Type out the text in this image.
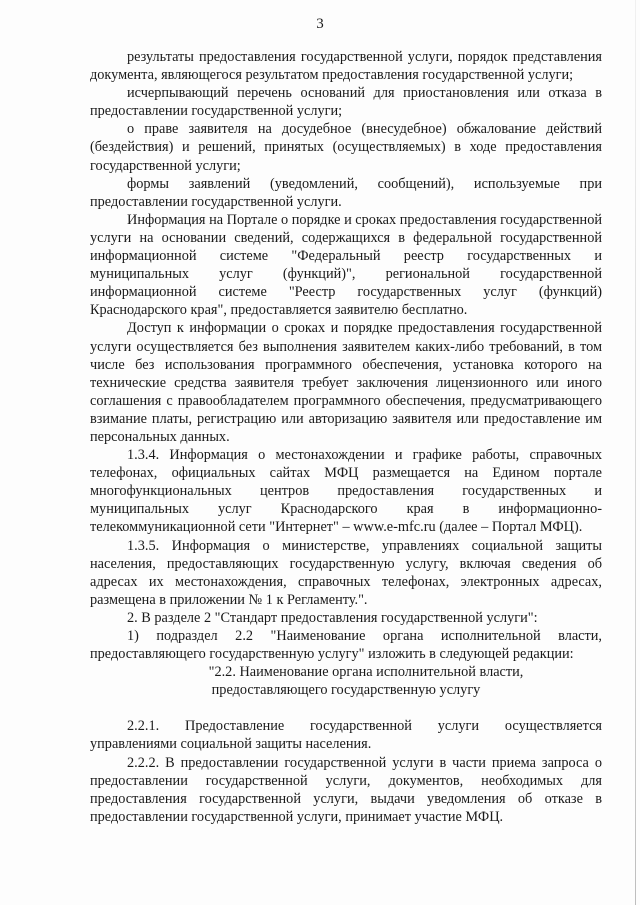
3

результаты предоставления государственной услуги, порядок представления документа, являющегося результатом предоставления государственной услуги;

исчерпывающий перечень оснований для приостановления или отказа в предоставлении государственной услуги;

о праве заявителя на досудебное (внесудебное) обжалование действий (бездействия) и решений, принятых (осуществляемых) в ходе предоставления государственной услуги;

формы заявлений (уведомлений, сообщений), используемые при предоставлении государственной услуги.

Информация на Портале о порядке и сроках предоставления государственной услуги на основании сведений, содержащихся в федеральной государственной информационной системе "Федеральный реестр государственных и муниципальных услуг (функций)", региональной государственной информационной системе "Реестр государственных услуг (функций) Краснодарского края", предоставляется заявителю бесплатно.

Доступ к информации о сроках и порядке предоставления государственной услуги осуществляется без выполнения заявителем каких-либо требований, в том числе без использования программного обеспечения, установка которого на технические средства заявителя требует заключения лицензионного или иного соглашения с правообладателем программного обеспечения, предусматривающего взимание платы, регистрацию или авторизацию заявителя или предоставление им персональных данных.

1.3.4. Информация о местонахождении и графике работы, справочных телефонах, официальных сайтах МФЦ размещается на Едином портале многофункциональных центров предоставления государственных и муниципальных услуг Краснодарского края в информационно-телекоммуникационной сети "Интернет" – www.e-mfc.ru (далее – Портал МФЦ).

1.3.5. Информация о министерстве, управлениях социальной защиты населения, предоставляющих государственную услугу, включая сведения об адресах их местонахождения, справочных телефонах, электронных адресах, размещена в приложении № 1 к Регламенту.".

2. В разделе 2 "Стандарт предоставления государственной услуги":

1) подраздел 2.2 "Наименование органа исполнительной власти, предоставляющего государственную услугу" изложить в следующей редакции:

"2.2. Наименование органа исполнительной власти,

предоставляющего государственную услугу

2.2.1. Предоставление государственной услуги осуществляется управлениями социальной защиты населения.

2.2.2. В предоставлении государственной услуги в части приема запроса о предоставлении государственной услуги, документов, необходимых для предоставления государственной услуги, выдачи уведомления об отказе в предоставлении государственной услуги, принимает участие МФЦ.
